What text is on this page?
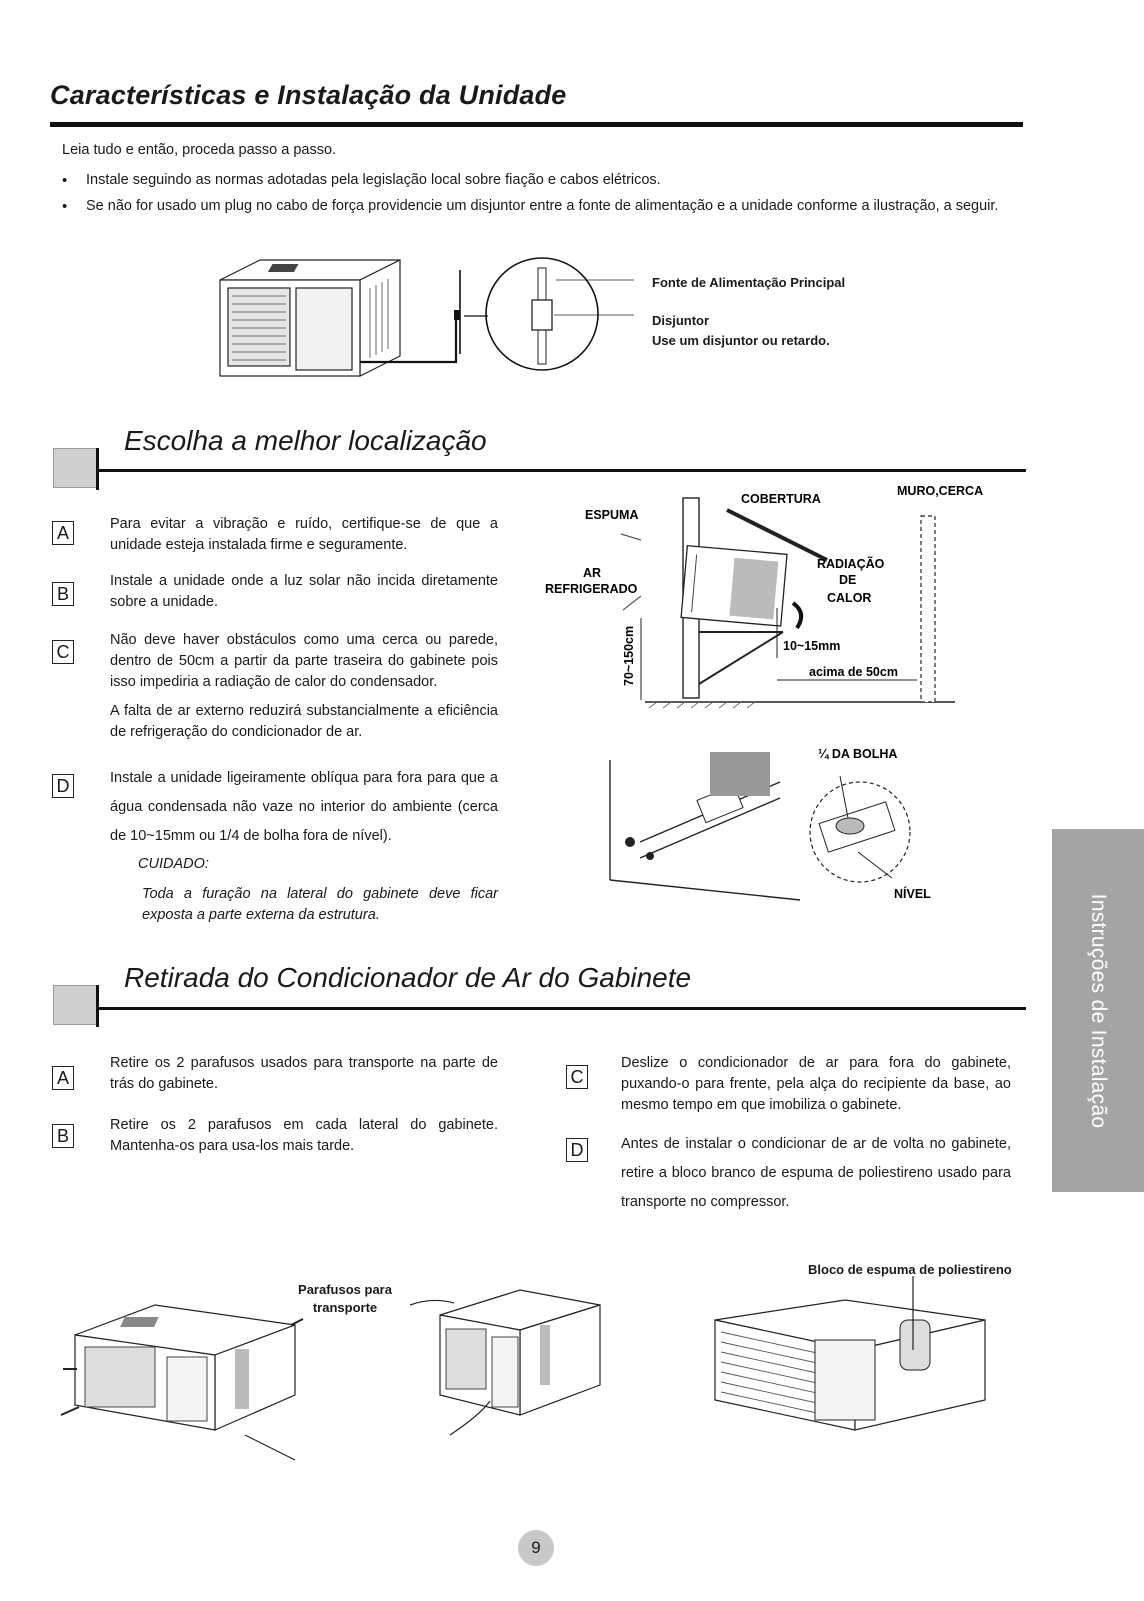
Características e Instalação da Unidade
Leia tudo e então, proceda passo a passo.
• Instale seguindo as normas adotadas pela legislação local sobre fiação e cabos elétricos.
• Se não for usado um plug no cabo de força providencie um disjuntor entre a fonte de alimentação e a unidade conforme a ilustração, a seguir.
Fonte de Alimentação Principal
Disjuntor
Use um disjuntor ou retardo.
Escolha a melhor localização
A	Para evitar a vibração e ruído, certifique-se de que a unidade esteja instalada firme e seguramente.
B
Instale a unidade onde a luz solar não incida diretamente sobre a unidade.
C
Não deve haver obstáculos como uma cerca ou parede, dentro de 50cm a partir da parte traseira do gabinete pois isso impediria a radiação de calor do condensador.
A falta de ar externo reduzirá substancialmente a eficiência de refrigeração do condicionador de ar.
D	Instale a unidade ligeiramente oblíqua para fora para que a água condensada não vaze no interior do ambiente (cerca de 10~15mm ou 1/4 de bolha fora de nível).
CUIDADO:
Toda a furação na lateral do gabinete deve ficar exposta a parte externa da estrutura.
ESPUMA
COBERTURA
MURO,CERCA
AR
REFRIGERADO
RADIAÇÃO
DE
CALOR
70~150cm	10~15mm
acima de 50cm
¼ DA BOLHA
NÍVEL
Retirada do Condicionador de Ar do Gabinete
A
Retire os 2 parafusos usados para transporte na parte de trás do gabinete.
B
Retire os 2 parafusos em cada lateral do gabinete. Mantenha-os para usa-los mais tarde.
C
Deslize o condicionador de ar para fora do gabinete, puxando-o para frente, pela alça do recipiente da base, ao mesmo tempo em que imobiliza o gabinete.
D	Antes de instalar o condicionar de ar de volta no gabinete, retire a bloco branco de espuma de poliestireno usado para transporte no compressor.
Parafusos para transporte
Bloco de espuma de poliestireno
Instruções de Instalação
9
